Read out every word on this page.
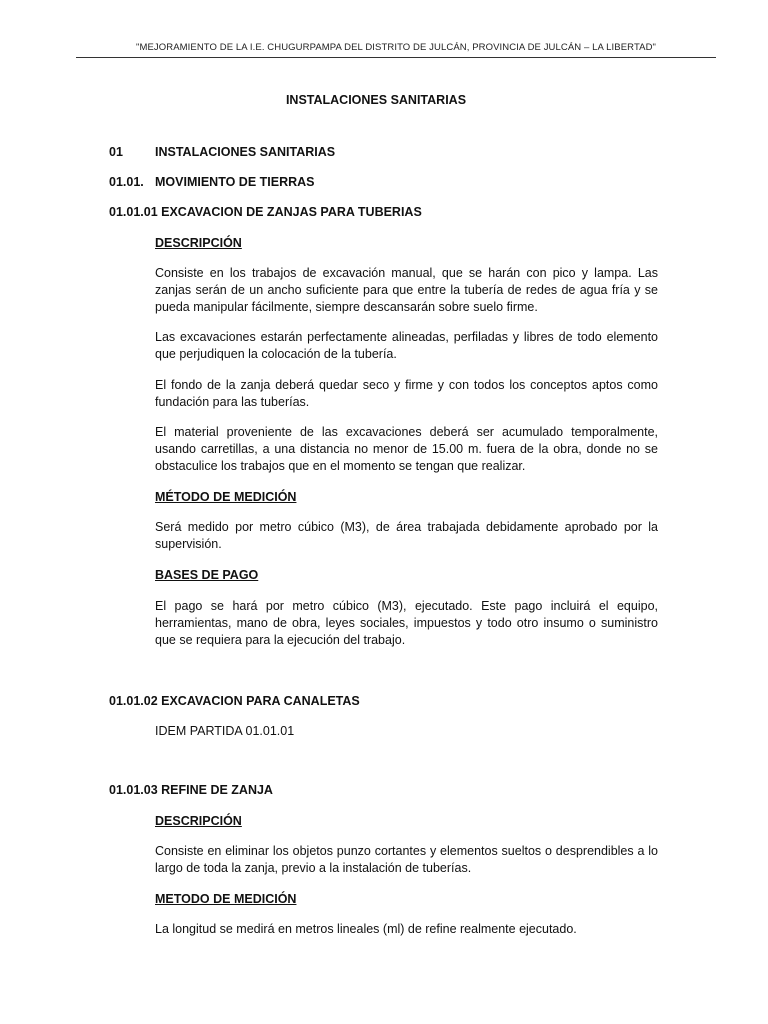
"MEJORAMIENTO DE LA I.E. CHUGURPAMPA DEL DISTRITO DE JULCÁN, PROVINCIA DE JULCÁN – LA LIBERTAD"
INSTALACIONES SANITARIAS
01	INSTALACIONES SANITARIAS
01.01. MOVIMIENTO DE TIERRAS
01.01.01 EXCAVACION DE ZANJAS PARA TUBERIAS
DESCRIPCIÓN
Consiste en los trabajos de excavación manual, que se harán con pico y lampa. Las zanjas serán de un ancho suficiente para que entre la tubería de redes de agua fría y se pueda manipular fácilmente, siempre descansarán sobre suelo firme.
Las excavaciones estarán perfectamente alineadas, perfiladas y libres de todo elemento que perjudiquen la colocación de la tubería.
El fondo de la zanja deberá quedar seco y firme y con todos los conceptos aptos como fundación para las tuberías.
El material proveniente de las excavaciones deberá ser acumulado temporalmente, usando carretillas, a una distancia no menor de 15.00 m. fuera de la obra, donde no se obstaculice los trabajos que en el momento se tengan que realizar.
MÉTODO DE MEDICIÓN
Será medido por metro cúbico (M3), de área trabajada debidamente aprobado por la supervisión.
BASES DE PAGO
El pago se hará por metro cúbico (M3), ejecutado. Este pago incluirá el equipo, herramientas, mano de obra, leyes sociales, impuestos y todo otro insumo o suministro que se requiera para la ejecución del trabajo.
01.01.02 EXCAVACION PARA CANALETAS
IDEM PARTIDA 01.01.01
01.01.03 REFINE DE ZANJA
DESCRIPCIÓN
Consiste en eliminar los objetos punzo cortantes y elementos sueltos o desprendibles a lo largo de toda la zanja, previo a la instalación de tuberías.
METODO DE MEDICIÓN
La longitud se medirá en metros lineales (ml) de refine realmente ejecutado.
